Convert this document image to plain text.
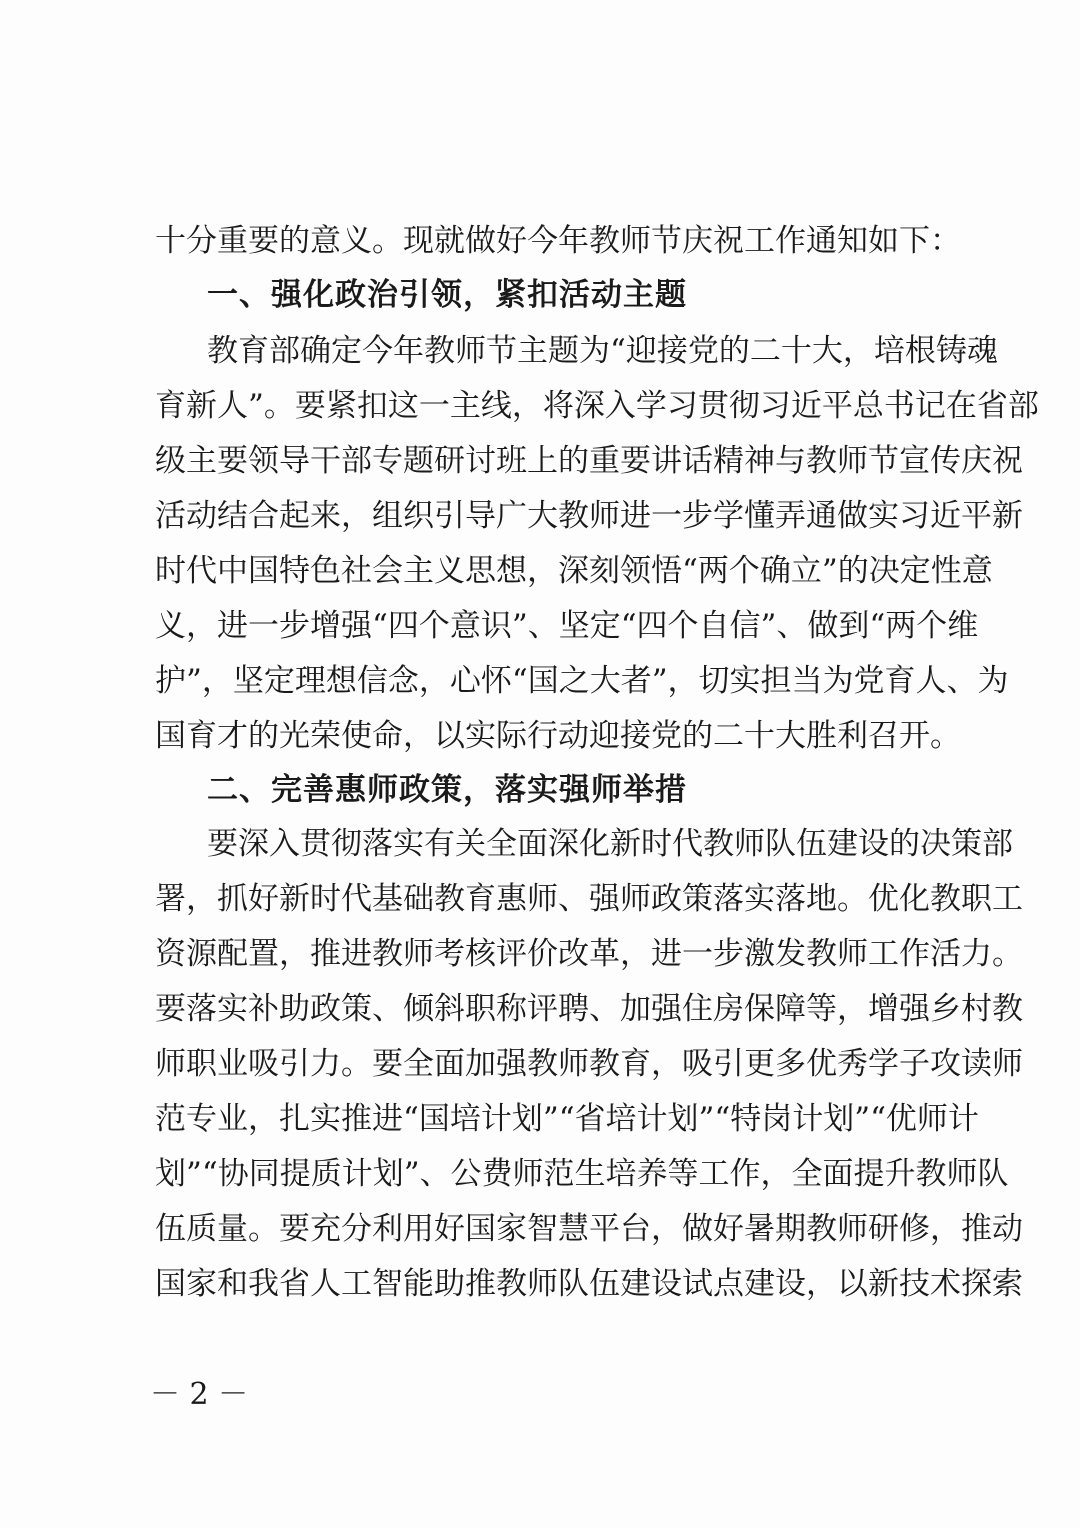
十分重要的意义。现就做好今年教师节庆祝工作通知如下：
一、强化政治引领，紧扣活动主题
教育部确定今年教师节主题为“迎接党的二十大，培根铸魂
育新人”。要紧扣这一主线，将深入学习贯彻习近平总书记在省部
级主要领导干部专题研讨班上的重要讲话精神与教师节宣传庆祝
活动结合起来，组织引导广大教师进一步学懂弄通做实习近平新
时代中国特色社会主义思想，深刻领悟“两个确立”的决定性意
义，进一步增强“四个意识”、坚定“四个自信”、做到“两个维
护”，坚定理想信念，心怀“国之大者”，切实担当为党育人、为
国育才的光荣使命，以实际行动迎接党的二十大胜利召开。
二、完善惠师政策，落实强师举措
要深入贯彻落实有关全面深化新时代教师队伍建设的决策部
署，抓好新时代基础教育惠师、强师政策落实落地。优化教职工
资源配置，推进教师考核评价改革，进一步激发教师工作活力。
要落实补助政策、倾斜职称评聘、加强住房保障等，增强乡村教
师职业吸引力。要全面加强教师教育，吸引更多优秀学子攻读师
范专业，扎实推进“国培计划”“省培计划”“特岗计划”“优师计
划”“协同提质计划”、公费师范生培养等工作，全面提升教师队
伍质量。要充分利用好国家智慧平台，做好暑期教师研修，推动
国家和我省人工智能助推教师队伍建设试点建设，以新技术探索
－ 2 －
